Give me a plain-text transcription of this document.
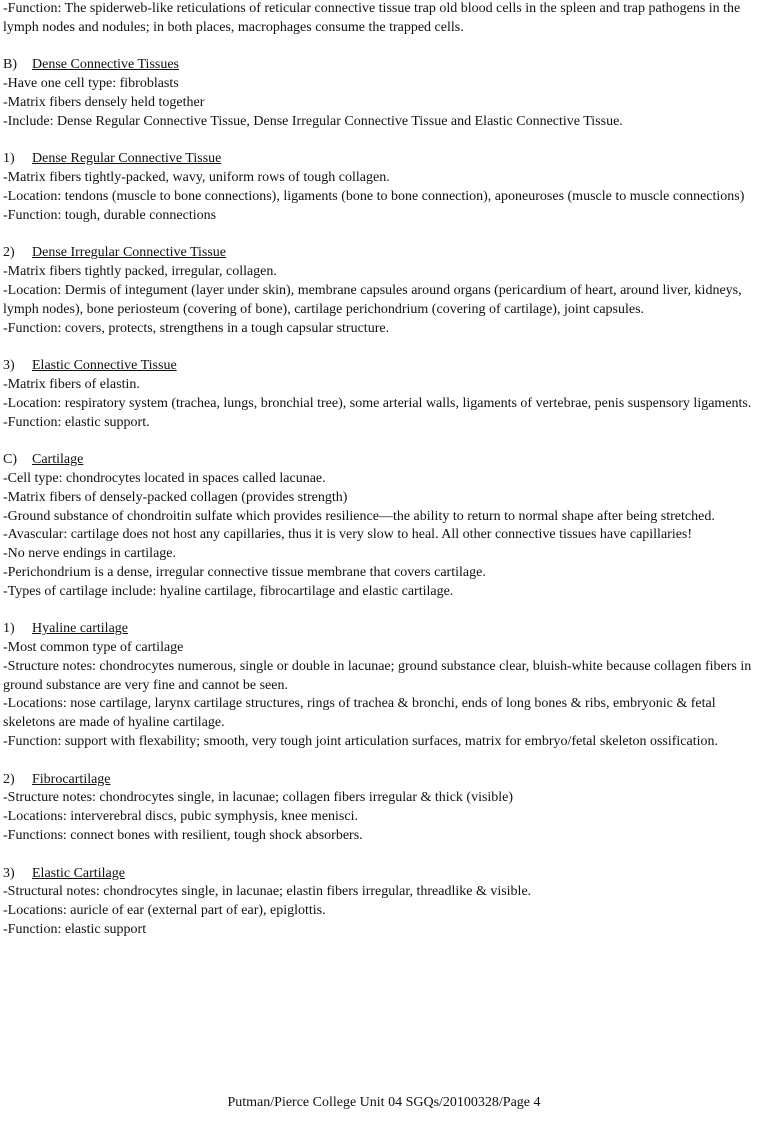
-Function: The spiderweb-like reticulations of reticular connective tissue trap old blood cells in the spleen and trap pathogens in the lymph nodes and nodules; in both places, macrophages consume the trapped cells.

B) Dense Connective Tissues

-Have one cell type: fibroblasts

-Matrix fibers densely held together

-Include: Dense Regular Connective Tissue, Dense Irregular Connective Tissue and Elastic Connective Tissue.

1) Dense Regular Connective Tissue

-Matrix fibers tightly-packed, wavy, uniform rows of tough collagen.

-Location: tendons (muscle to bone connections), ligaments (bone to bone connection), aponeuroses (muscle to muscle connections)

-Function: tough, durable connections

2) Dense Irregular Connective Tissue

-Matrix fibers tightly packed, irregular, collagen.

-Location: Dermis of integument (layer under skin), membrane capsules around organs (pericardium of heart, around liver, kidneys, lymph nodes), bone periosteum (covering of bone), cartilage perichondrium (covering of cartilage), joint capsules.

-Function: covers, protects, strengthens in a tough capsular structure.

3) Elastic Connective Tissue

-Matrix fibers of elastin.

-Location: respiratory system (trachea, lungs, bronchial tree), some arterial walls, ligaments of vertebrae, penis suspensory ligaments.

-Function: elastic support.

C) Cartilage

-Cell type: chondrocytes located in spaces called lacunae.

-Matrix fibers of densely-packed collagen (provides strength)

-Ground substance of chondroitin sulfate which provides resilience—the ability to return to normal shape after being stretched.

-Avascular: cartilage does not host any capillaries, thus it is very slow to heal. All other connective tissues have capillaries!

-No nerve endings in cartilage.

-Perichondrium is a dense, irregular connective tissue membrane that covers cartilage.

-Types of cartilage include: hyaline cartilage, fibrocartilage and elastic cartilage.

1) Hyaline cartilage

-Most common type of cartilage

-Structure notes: chondrocytes numerous, single or double in lacunae; ground substance clear, bluish-white because collagen fibers in ground substance are very fine and cannot be seen.

-Locations: nose cartilage, larynx cartilage structures, rings of trachea & bronchi, ends of long bones & ribs, embryonic & fetal skeletons are made of hyaline cartilage.

-Function: support with flexability; smooth, very tough joint articulation surfaces, matrix for embryo/fetal skeleton ossification.

2) Fibrocartilage

-Structure notes: chondrocytes single, in lacunae; collagen fibers irregular & thick (visible)

-Locations: interverebral discs, pubic symphysis, knee menisci.

-Functions: connect bones with resilient, tough shock absorbers.

3) Elastic Cartilage

-Structural notes: chondrocytes single, in lacunae; elastin fibers irregular, threadlike & visible.

-Locations: auricle of ear (external part of ear), epiglottis.

-Function: elastic support

Putman/Pierce College Unit 04 SGQs/20100328/Page 4
